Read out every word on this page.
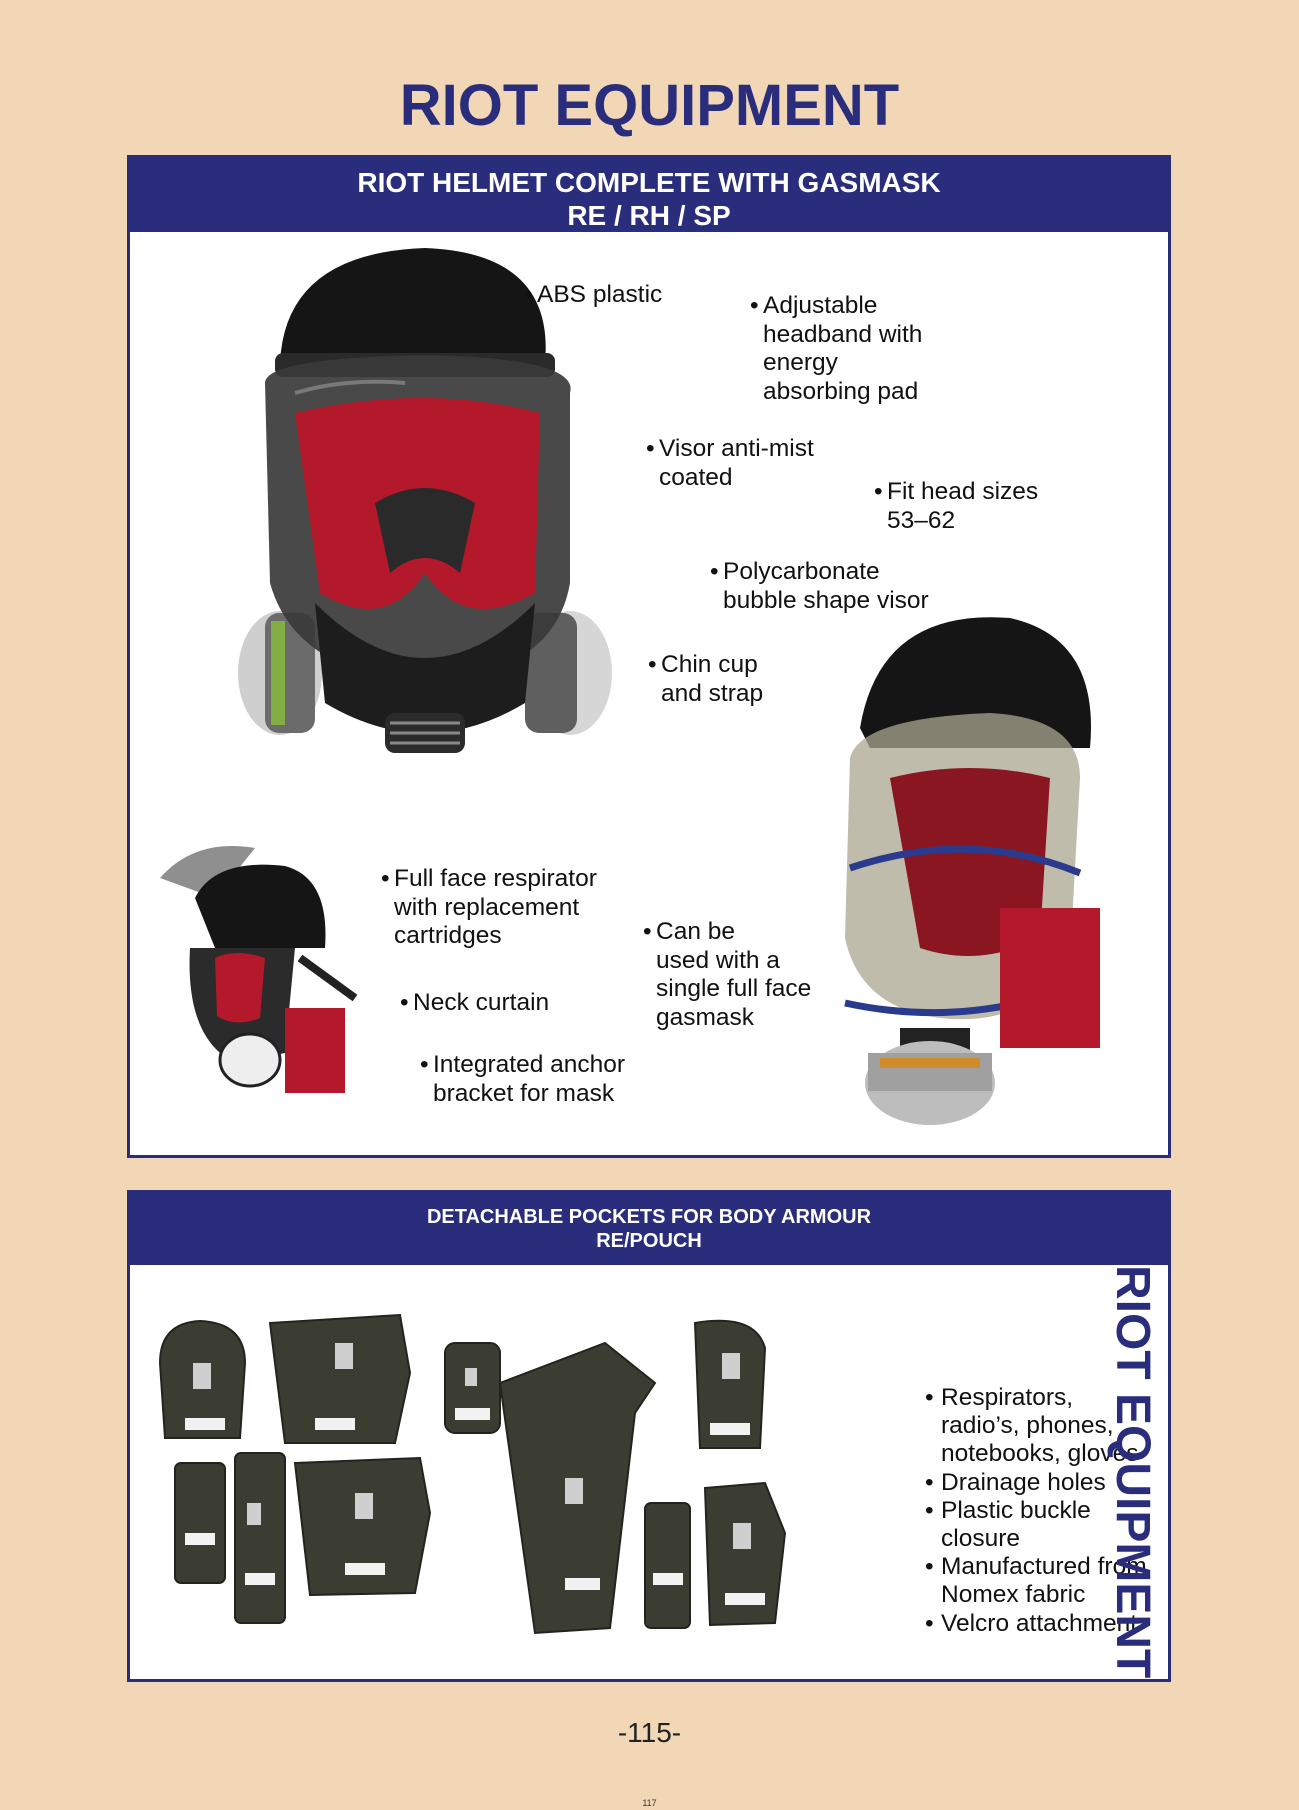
RIOT EQUIPMENT
RIOT HELMET COMPLETE WITH GASMASK
RE / RH / SP
ABS plastic	• Adjustable
headband with
energy
absorbing pad
• Visor anti-mist
coated
• Fit head sizes
53–62
• Polycarbonate
bubble shape visor
• Chin cup
and strap
• Full face respirator
with replacement
cartridges	• Can be
used with a
single full face
gasmask
• Neck curtain
• Integrated anchor
bracket for mask
DETACHABLE POCKETS FOR BODY ARMOUR
RE/POUCH
• Respirators,
radio’s, phones,
notebooks, gloves
• Drainage holes
• Plastic buckle
closure
• Manufactured from
Nomex fabric
• Velcro attachment
RIOT EQUIPMENT
-115-
117
